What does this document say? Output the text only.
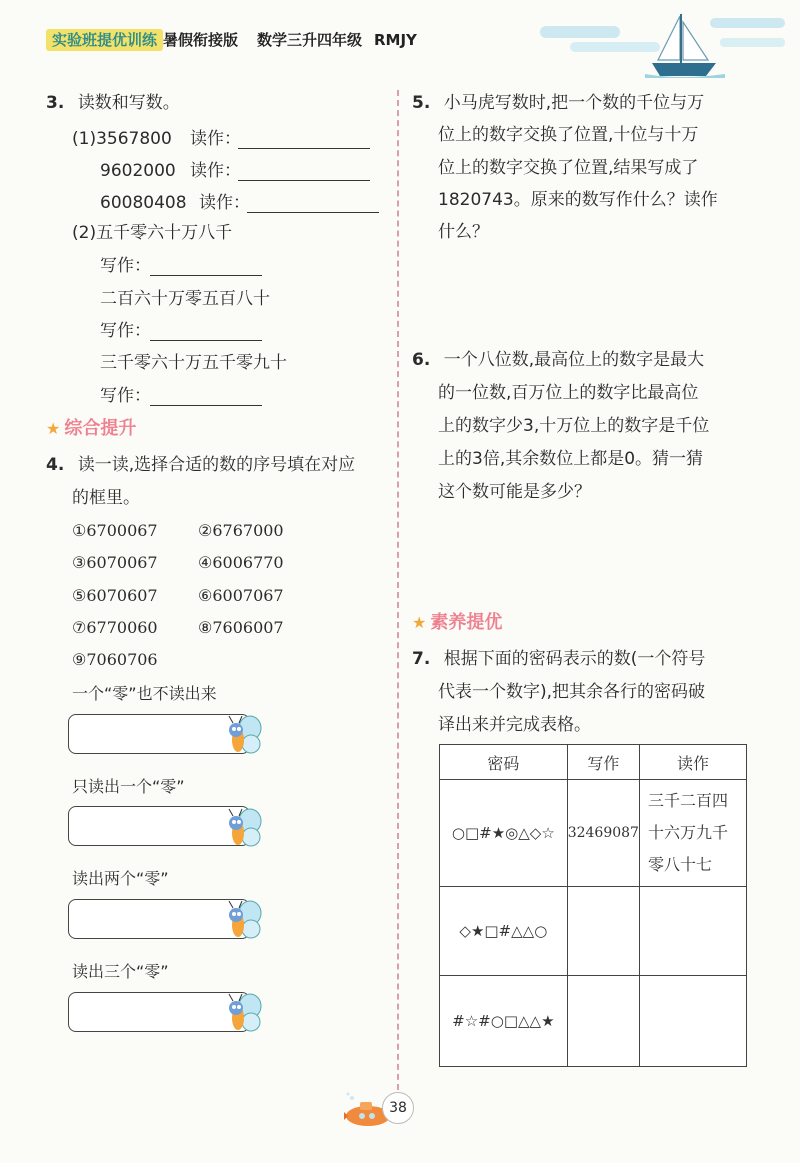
实验班提优训练 暑假衔接版 数学三升四年级 RMJY
3. 读数和写数。
(1)3567800 读作：
9602000 读作：
60080408 读作：
(2)五千零六十万八千
写作：
二百六十万零五百八十
写作：
三千零六十万五千零九十
写作：
★ 综合提升
4. 读一读,选择合适的数的序号填在对应
的框里。
①6700067	②6767000
③6070067	④6006770
⑤6070607	⑥6007067
⑦6770060	⑧7606007
⑨7060706
一个“零”也不读出来
只读出一个“零”
读出两个“零”
读出三个“零”
5. 小马虎写数时,把一个数的千位与万
位上的数字交换了位置,十位与十万
位上的数字交换了位置,结果写成了
1820743。原来的数写作什么？读作
什么？
6. 一个八位数,最高位上的数字是最大
的一位数,百万位上的数字比最高位
上的数字少3,十万位上的数字是千位
上的3倍,其余数位上都是0。猜一猜
这个数可能是多少？
★ 素养提优
7. 根据下面的密码表示的数(一个符号
代表一个数字),把其余各行的密码破
译出来并完成表格。
密码	写作	读作
○□#★◎△◇☆	32469087	三千二百四
十六万九千
零八十七

◇★□#△△○		
#☆#○□△△★		
38
